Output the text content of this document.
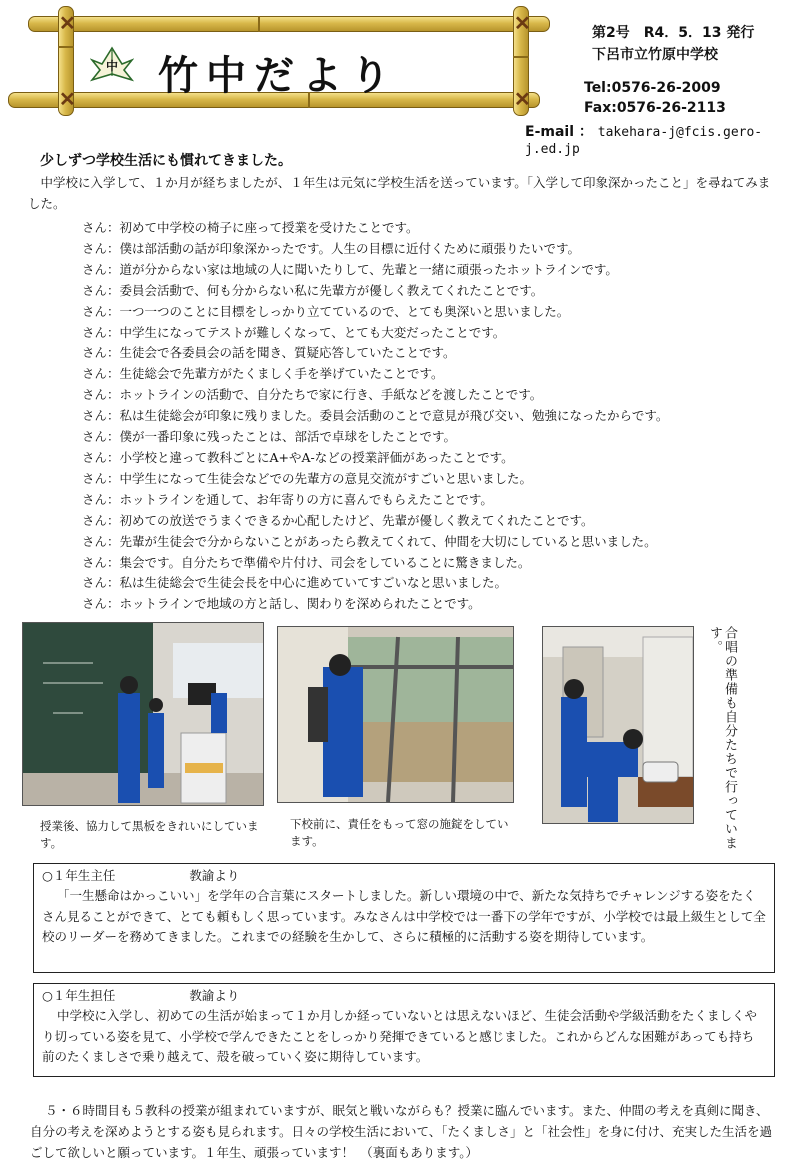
✕	✕
✕	✕
中 竹中だより
第2号　R4．5．13 発行
下呂市立竹原中学校
Tel:0576-26-2009
Fax:0576-26-2113
E-mail ： takehara-j@fcis.gero-j.ed.jp
少しずつ学校生活にも慣れてきました。
中学校に入学して、１か月が経ちましたが、１年生は元気に学校生活を送っています。「入学して印象深かったこと」を尋ねてみました。
さん：初めて中学校の椅子に座って授業を受けたことです。
さん：僕は部活動の話が印象深かったです。人生の目標に近付くために頑張りたいです。
さん：道が分からない家は地域の人に聞いたりして、先輩と一緒に頑張ったホットラインです。
さん：委員会活動で、何も分からない私に先輩方が優しく教えてくれたことです。
さん：一つ一つのことに目標をしっかり立てているので、とても奥深いと思いました。
さん：中学生になってテストが難しくなって、とても大変だったことです。
さん：生徒会で各委員会の話を聞き、質疑応答していたことです。
さん：生徒総会で先輩方がたくましく手を挙げていたことです。
さん：ホットラインの活動で、自分たちで家に行き、手紙などを渡したことです。
さん：私は生徒総会が印象に残りました。委員会活動のことで意見が飛び交い、勉強になったからです。
さん：僕が一番印象に残ったことは、部活で卓球をしたことです。
さん：小学校と違って教科ごとにA+やA-などの授業評価があったことです。
さん：中学生になって生徒会などでの先輩方の意見交流がすごいと思いました。
さん：ホットラインを通して、お年寄りの方に喜んでもらえたことです。
さん：初めての放送でうまくできるか心配したけど、先輩が優しく教えてくれたことです。
さん：先輩が生徒会で分からないことがあったら教えてくれて、仲間を大切にしていると思いました。
さん：集会です。自分たちで準備や片付け、司会をしていることに驚きました。
さん：私は生徒総会で生徒会長を中心に進めていてすごいなと思いました。
さん：ホットラインで地域の方と話し、関わりを深められたことです。
授業後、協力して黒板をきれいにしています。
下校前に、責任をもって窓の施錠をしています。	合唱の準備も自分たちで行っています。
○１年生主任	教諭より
「一生懸命はかっこいい」を学年の合言葉にスタートしました。新しい環境の中で、新たな気持ちでチャレンジする姿をたくさん見ることができて、とても頼もしく思っています。みなさんは中学校では一番下の学年ですが、小学校では最上級生として全校のリーダーを務めてきました。これまでの経験を生かして、さらに積極的に活動する姿を期待しています。
○１年生担任	教諭より
中学校に入学し、初めての生活が始まって１か月しか経っていないとは思えないほど、生徒会活動や学級活動をたくましくやり切っている姿を見て、小学校で学んできたことをしっかり発揮できていると感じました。これからどんな困難があっても持ち前のたくましさで乗り越えて、殻を破っていく姿に期待しています。
５・６時間目も５教科の授業が組まれていますが、眠気と戦いながらも？授業に臨んでいます。また、仲間の考えを真剣に聞き、自分の考えを深めようとする姿も見られます。日々の学校生活において、「たくましさ」と「社会性」を身に付け、充実した生活を過ごして欲しいと願っています。１年生、頑張っています！　（裏面もあります。）
